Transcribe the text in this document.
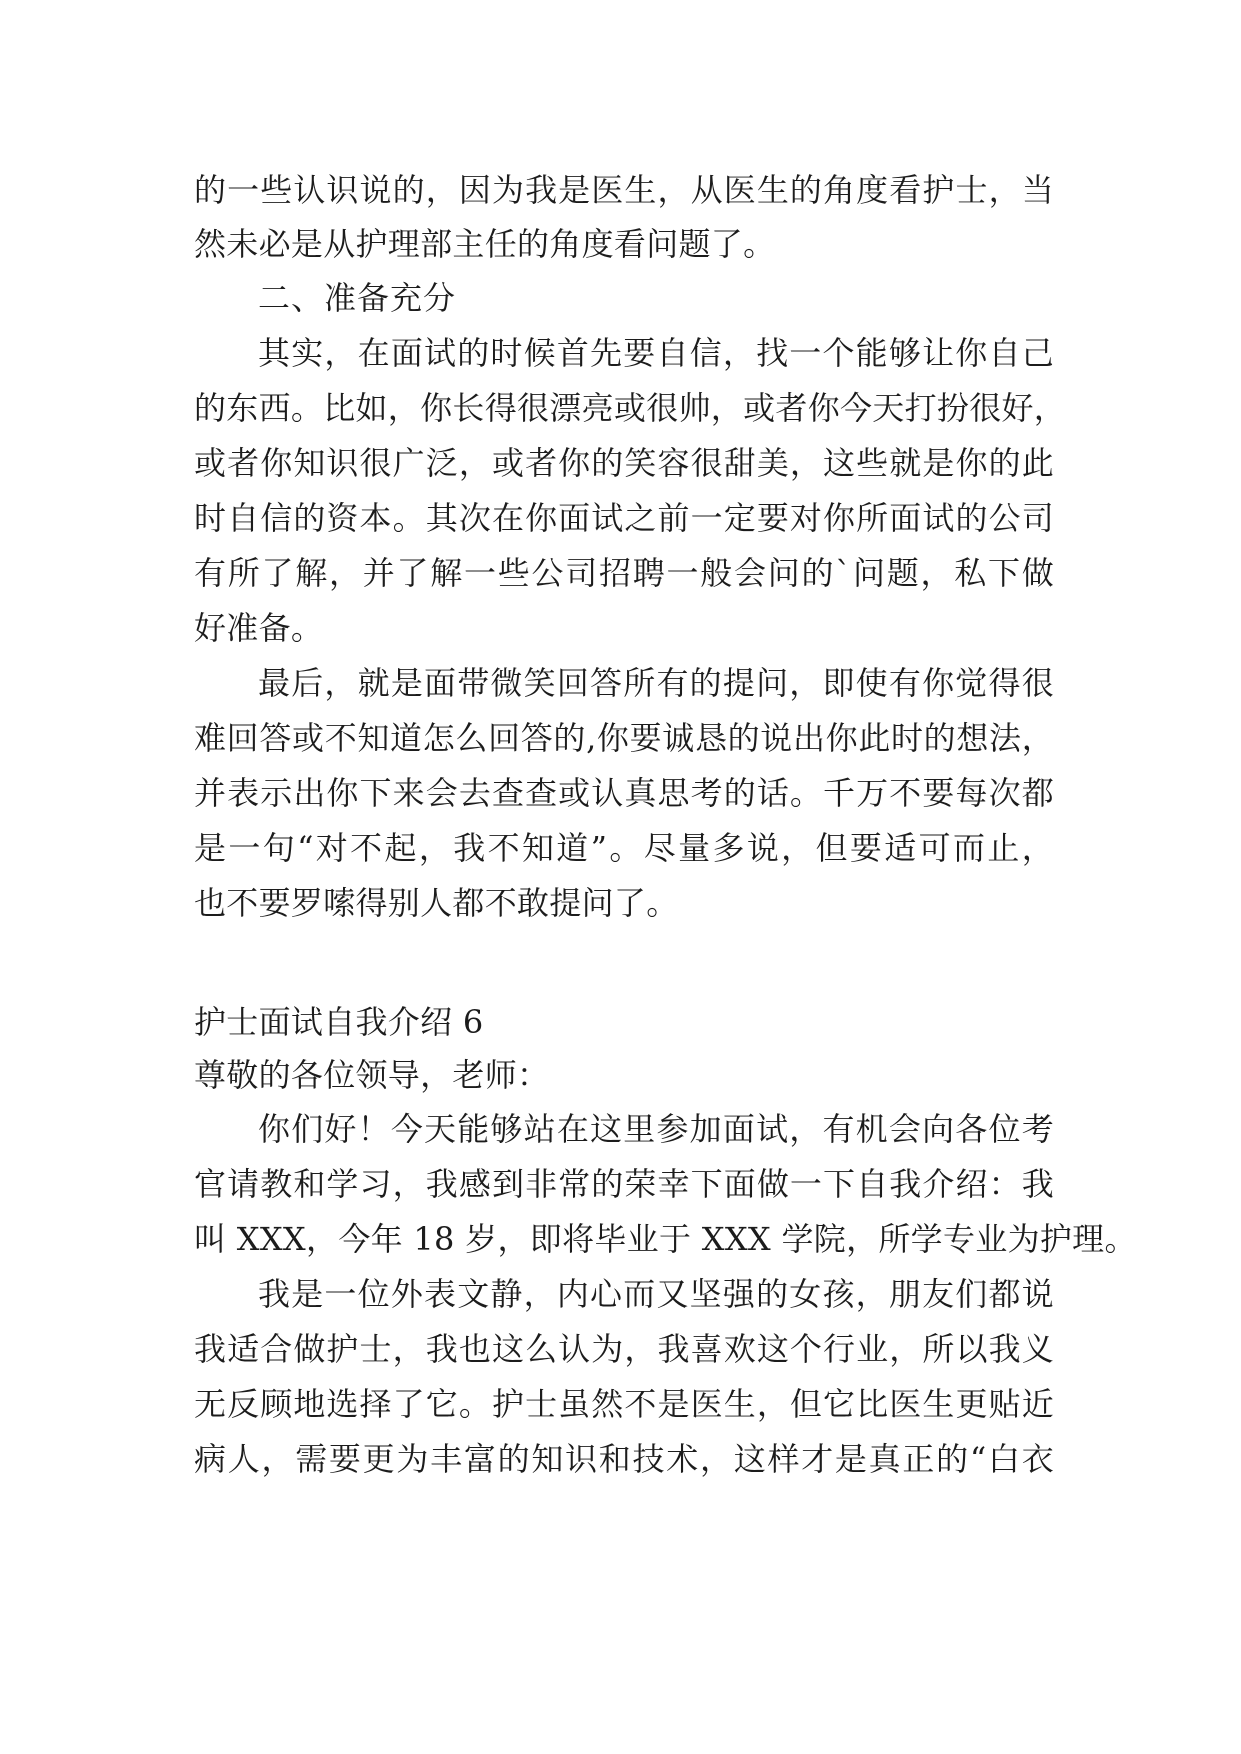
的一些认识说的，因为我是医生，从医生的角度看护士，当
然未必是从护理部主任的角度看问题了。
二、准备充分
其实，在面试的时候首先要自信，找一个能够让你自己
的东西。比如，你长得很漂亮或很帅，或者你今天打扮很好，
或者你知识很广泛，或者你的笑容很甜美，这些就是你的此
时自信的资本。其次在你面试之前一定要对你所面试的公司
有所了解，并了解一些公司招聘一般会问的`问题，私下做
好准备。
最后，就是面带微笑回答所有的提问，即使有你觉得很
难回答或不知道怎么回答的,你要诚恳的说出你此时的想法，
并表示出你下来会去查查或认真思考的话。千万不要每次都
是一句“对不起，我不知道”。尽量多说，但要适可而止，
也不要罗嗦得别人都不敢提问了。
护士面试自我介绍 6
尊敬的各位领导，老师：
你们好！今天能够站在这里参加面试，有机会向各位考
官请教和学习，我感到非常的荣幸下面做一下自我介绍：我
叫 XXX，今年 18 岁，即将毕业于 XXX 学院，所学专业为护理。
我是一位外表文静，内心而又坚强的女孩，朋友们都说
我适合做护士，我也这么认为，我喜欢这个行业，所以我义
无反顾地选择了它。护士虽然不是医生，但它比医生更贴近
病人，需要更为丰富的知识和技术，这样才是真正的“白衣
